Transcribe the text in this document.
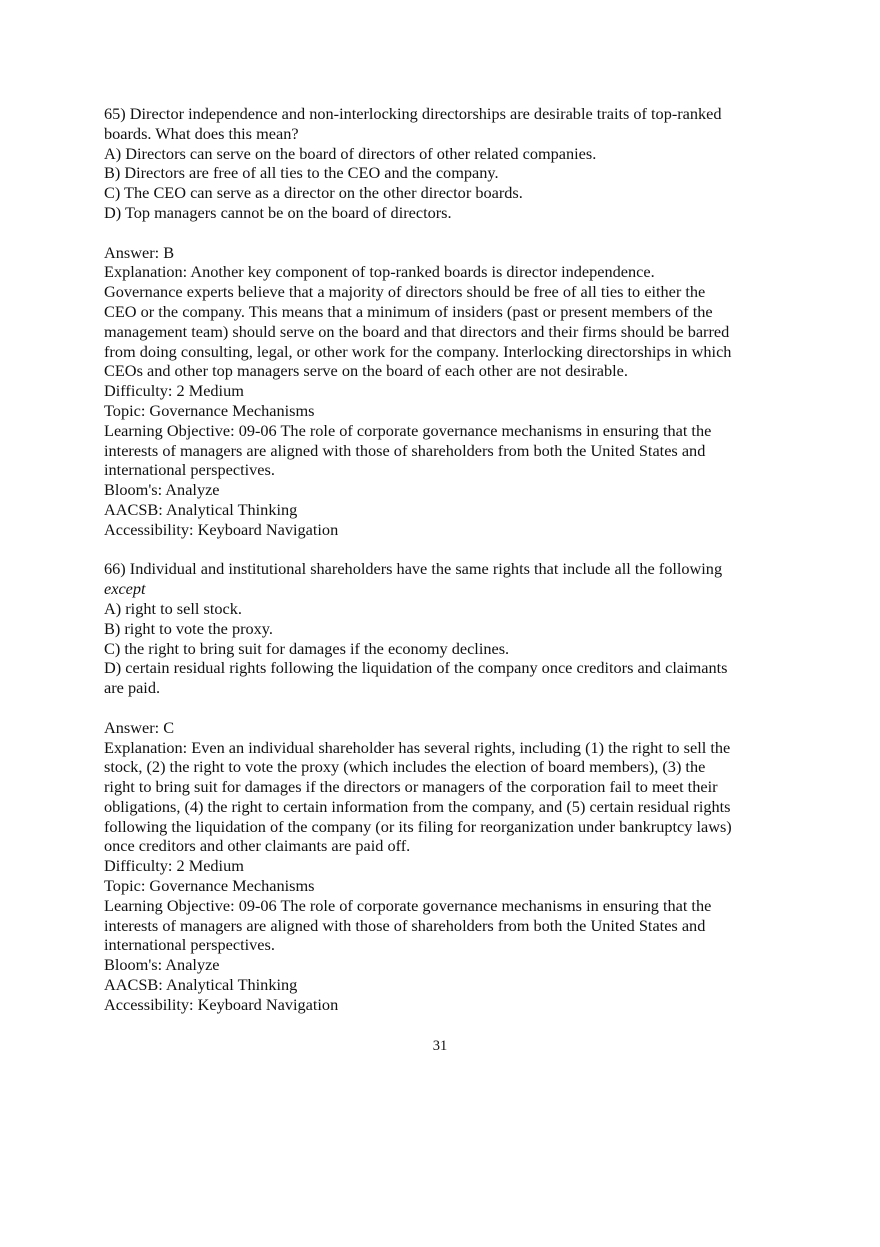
65) Director independence and non-interlocking directorships are desirable traits of top-ranked
boards. What does this mean?
A) Directors can serve on the board of directors of other related companies.
B) Directors are free of all ties to the CEO and the company.
C) The CEO can serve as a director on the other director boards.
D) Top managers cannot be on the board of directors.
Answer: B
Explanation: Another key component of top-ranked boards is director independence.
Governance experts believe that a majority of directors should be free of all ties to either the
CEO or the company. This means that a minimum of insiders (past or present members of the
management team) should serve on the board and that directors and their firms should be barred
from doing consulting, legal, or other work for the company. Interlocking directorships in which
CEOs and other top managers serve on the board of each other are not desirable.
Difficulty: 2 Medium
Topic: Governance Mechanisms
Learning Objective: 09-06 The role of corporate governance mechanisms in ensuring that the
interests of managers are aligned with those of shareholders from both the United States and
international perspectives.
Bloom's: Analyze
AACSB: Analytical Thinking
Accessibility: Keyboard Navigation
66) Individual and institutional shareholders have the same rights that include all the following
except
A) right to sell stock.
B) right to vote the proxy.
C) the right to bring suit for damages if the economy declines.
D) certain residual rights following the liquidation of the company once creditors and claimants
are paid.
Answer: C
Explanation: Even an individual shareholder has several rights, including (1) the right to sell the
stock, (2) the right to vote the proxy (which includes the election of board members), (3) the
right to bring suit for damages if the directors or managers of the corporation fail to meet their
obligations, (4) the right to certain information from the company, and (5) certain residual rights
following the liquidation of the company (or its filing for reorganization under bankruptcy laws)
once creditors and other claimants are paid off.
Difficulty: 2 Medium
Topic: Governance Mechanisms
Learning Objective: 09-06 The role of corporate governance mechanisms in ensuring that the
interests of managers are aligned with those of shareholders from both the United States and
international perspectives.
Bloom's: Analyze
AACSB: Analytical Thinking
Accessibility: Keyboard Navigation
31
